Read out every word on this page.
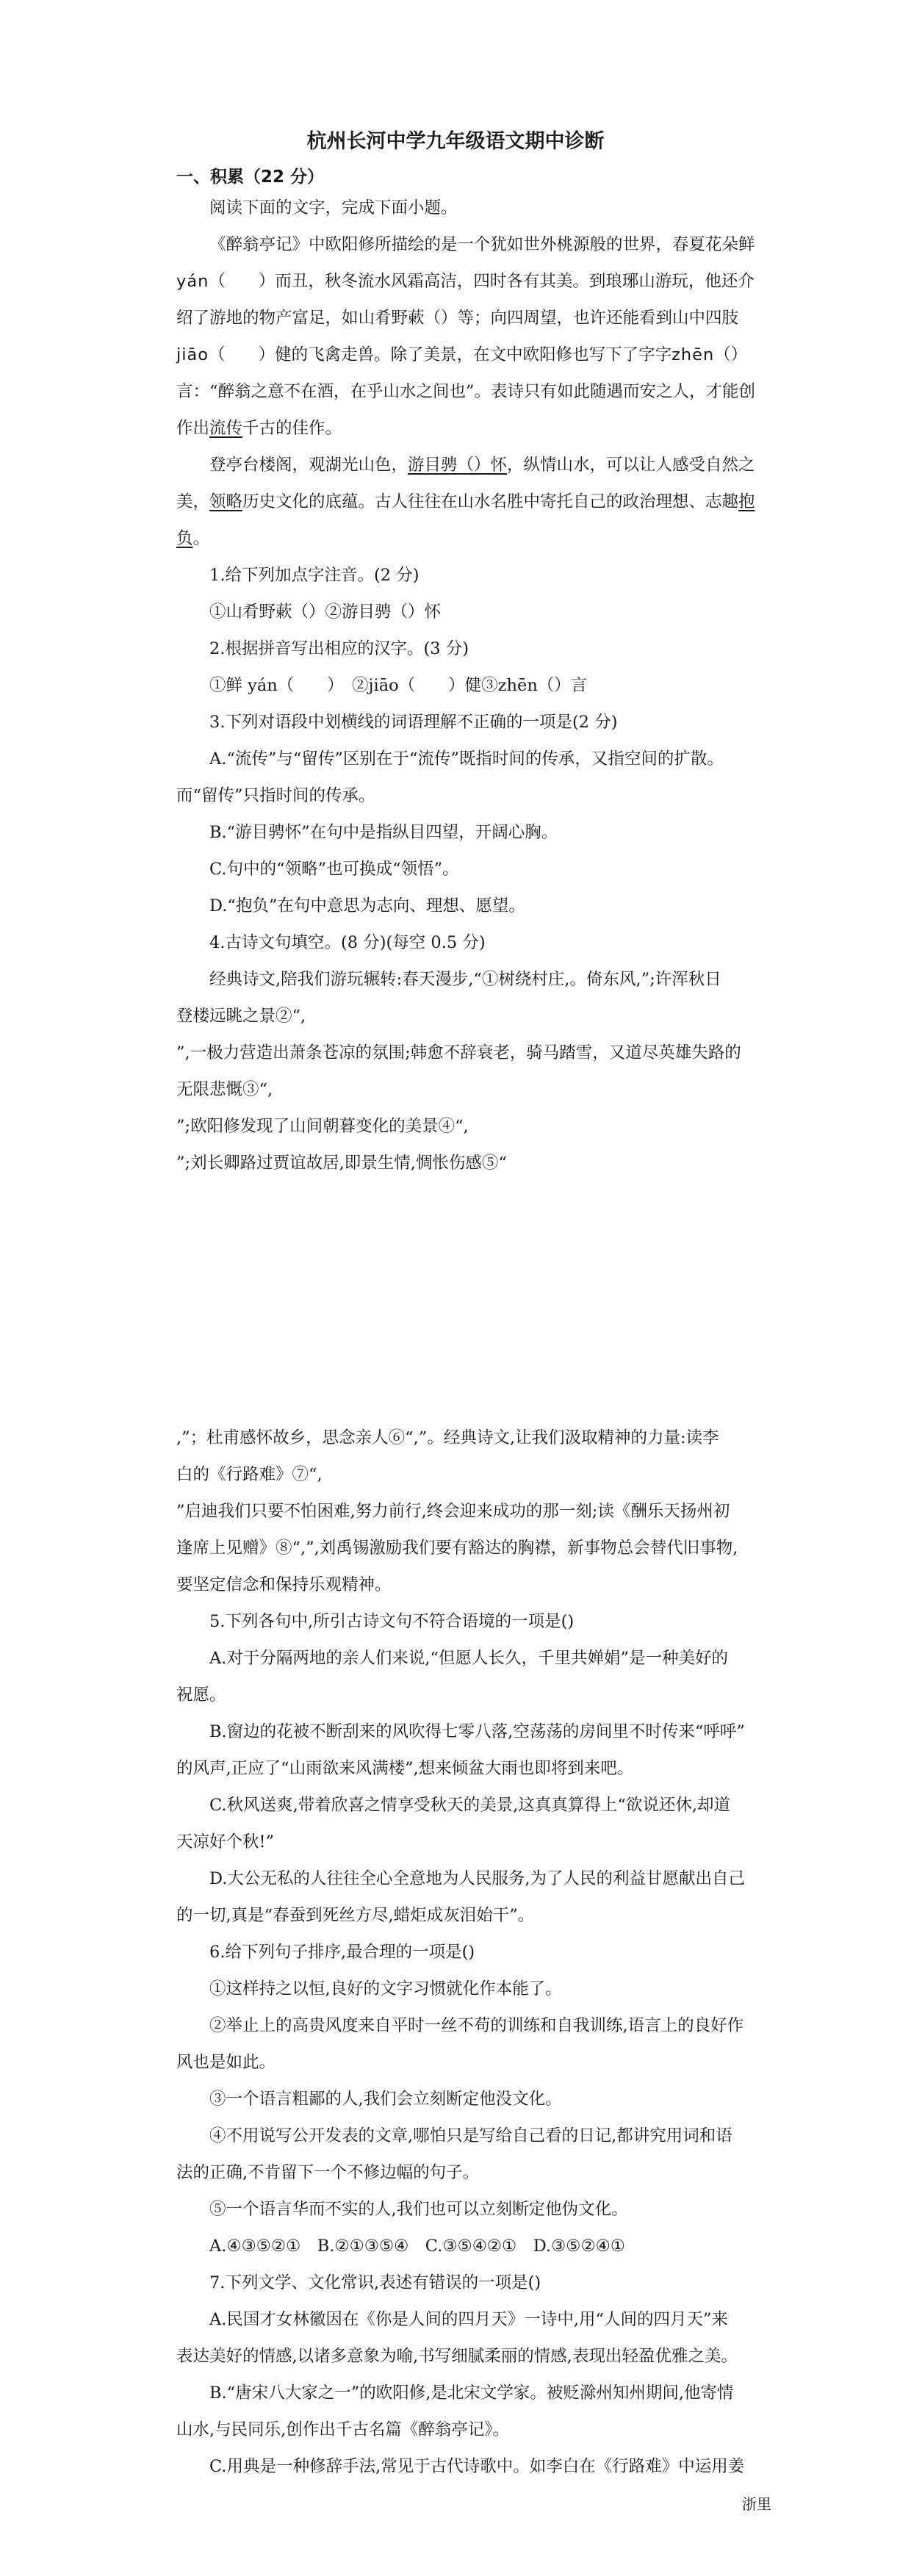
杭州长河中学九年级语文期中诊断
一、积累（22 分）

阅读下面的文字，完成下面小题。

《醉翁亭记》中欧阳修所描绘的是一个犹如世外桃源般的世界，春夏花朵鲜

yán（　　）而丑，秋冬流水风霜高洁，四时各有其美。到琅琊山游玩，他还介

绍了游地的物产富足，如山肴野蔌（）等；向四周望，也许还能看到山中四肢

jiāo（　　）健的飞禽走兽。除了美景，在文中欧阳修也写下了字字zhēn（）

言：“醉翁之意不在酒，在乎山水之间也”。表诗只有如此随遇而安之人，才能创

作出流传千古的佳作。

登亭台楼阁，观湖光山色，游目骋（）怀，纵情山水，可以让人感受自然之

美，领略历史文化的底蕴。古人往往在山水名胜中寄托自己的政治理想、志趣抱

负。

1.给下列加点字注音。(2 分)

①山肴野蔌（）②游目骋（）怀

2.根据拼音写出相应的汉字。(3 分)

①鲜 yán（　　）　②jiāo（　　）健③zhēn（）言

3.下列对语段中划横线的词语理解不正确的一项是(2 分)

A.“流传”与“留传”区别在于“流传”既指时间的传承，又指空间的扩散。

而“留传”只指时间的传承。

B.“游目骋怀”在句中是指纵目四望，开阔心胸。

C.句中的“领略”也可换成“领悟”。

D.“抱负”在句中意思为志向、理想、愿望。

4.古诗文句填空。(8 分)(每空 0.5 分)

经典诗文,陪我们游玩辗转:春天漫步,“①树绕村庄,。倚东风,”;许浑秋日

登楼远眺之景②“,

”,一极力营造出萧条苍凉的氛围;韩愈不辞衰老，骑马踏雪，又道尽英雄失路的

无限悲慨③“,

”;欧阳修发现了山间朝暮变化的美景④“,

”;刘长卿路过贾谊故居,即景生情,惆怅伤感⑤“

,”；杜甫感怀故乡，思念亲人⑥“,”。经典诗文,让我们汲取精神的力量:读李

白的《行路难》⑦“,

”启迪我们只要不怕困难,努力前行,终会迎来成功的那一刻;读《酬乐天扬州初

逢席上见赠》⑧“,”,刘禹锡激励我们要有豁达的胸襟，新事物总会替代旧事物,

要坚定信念和保持乐观精神。

5.下列各句中,所引古诗文句不符合语境的一项是()

A.对于分隔两地的亲人们来说,“但愿人长久，千里共婵娟”是一种美好的

祝愿。

B.窗边的花被不断刮来的风吹得七零八落,空荡荡的房间里不时传来“呼呼”

的风声,正应了“山雨欲来风满楼”,想来倾盆大雨也即将到来吧。

C.秋风送爽,带着欣喜之情享受秋天的美景,这真真算得上“欲说还休,却道

天凉好个秋!”

D.大公无私的人往往全心全意地为人民服务,为了人民的利益甘愿献出自己

的一切,真是“春蚕到死丝方尽,蜡炬成灰泪始干”。

6.给下列句子排序,最合理的一项是()

①这样持之以恒,良好的文字习惯就化作本能了。

②举止上的高贵风度来自平时一丝不苟的训练和自我训练,语言上的良好作

风也是如此。

③一个语言粗鄙的人,我们会立刻断定他没文化。

④不用说写公开发表的文章,哪怕只是写给自己看的日记,都讲究用词和语

法的正确,不肯留下一个不修边幅的句子。

⑤一个语言华而不实的人,我们也可以立刻断定他伪文化。

A.④③⑤②①　B.②①③⑤④　C.③⑤④②①　D.③⑤②④①

7.下列文学、文化常识,表述有错误的一项是()

A.民国才女林徽因在《你是人间的四月天》一诗中,用“人间的四月天”来

表达美好的情感,以诸多意象为喻,书写细腻柔丽的情感,表现出轻盈优雅之美。

B.“唐宋八大家之一”的欧阳修,是北宋文学家。被贬滁州知州期间,他寄情

山水,与民同乐,创作出千古名篇《醉翁亭记》。

C.用典是一种修辞手法,常见于古代诗歌中。如李白在《行路难》中运用姜

浙里
